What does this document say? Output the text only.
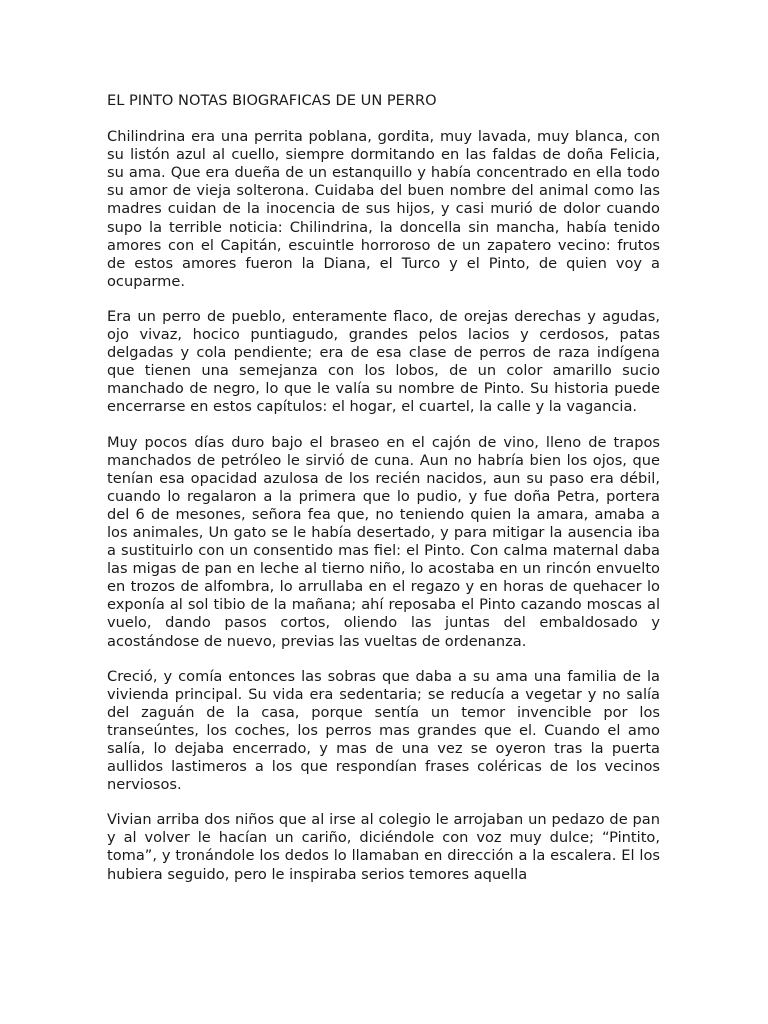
EL PINTO NOTAS BIOGRAFICAS DE UN PERRO

Chilindrina era una perrita poblana, gordita, muy lavada, muy blanca, con su listón azul al cuello, siempre dormitando en las faldas de doña Felicia, su ama. Que era dueña de un estanquillo y había concentrado en ella todo su amor de vieja solterona. Cuidaba del buen nombre del animal como las madres cuidan de la inocencia de sus hijos, y casi murió de dolor cuando supo la terrible noticia: Chilindrina, la doncella sin mancha, había tenido amores con el Capitán, escuintle horroroso de un zapatero vecino: frutos de estos amores fueron la Diana, el Turco y el Pinto, de quien voy a ocuparme.

Era un perro de pueblo, enteramente flaco, de orejas derechas y agudas, ojo vivaz, hocico puntiagudo, grandes pelos lacios y cerdosos, patas delgadas y cola pendiente; era de esa clase de perros de raza indígena que tienen una semejanza con los lobos, de un color amarillo sucio manchado de negro, lo que le valía su nombre de Pinto. Su historia puede encerrarse en estos capítulos: el hogar, el cuartel, la calle y la vagancia.

Muy pocos días duro bajo el braseo en el cajón de vino, lleno de trapos manchados de petróleo le sirvió de cuna. Aun no habría bien los ojos, que tenían esa opacidad azulosa de los recién nacidos, aun su paso era débil, cuando lo regalaron a la primera que lo pudio, y fue doña Petra, portera del 6 de mesones, señora fea que, no teniendo quien la amara, amaba a los animales, Un gato se le había desertado, y para mitigar la ausencia iba a sustituirlo con un consentido mas fiel: el Pinto. Con calma maternal daba las migas de pan en leche al tierno niño, lo acostaba en un rincón envuelto en trozos de alfombra, lo arrullaba en el regazo y en horas de quehacer lo exponía al sol tibio de la mañana; ahí reposaba el Pinto cazando moscas al vuelo, dando pasos cortos, oliendo las juntas del embaldosado y acostándose de nuevo, previas las vueltas de ordenanza.

Creció, y comía entonces las sobras que daba a su ama una familia de la vivienda principal. Su vida era sedentaria; se reducía a vegetar y no salía del zaguán de la casa, porque sentía un temor invencible por los transeúntes, los coches, los perros mas grandes que el. Cuando el amo salía, lo dejaba encerrado, y mas de una vez se oyeron tras la puerta aullidos lastimeros a los que respondían frases coléricas de los vecinos nerviosos.

Vivian arriba dos niños que al irse al colegio le arrojaban un pedazo de pan y al volver le hacían un cariño, diciéndole con voz muy dulce; “Pintito, toma”, y tronándole los dedos lo llamaban en dirección a la escalera. El los hubiera seguido, pero le inspiraba serios temores aquella
